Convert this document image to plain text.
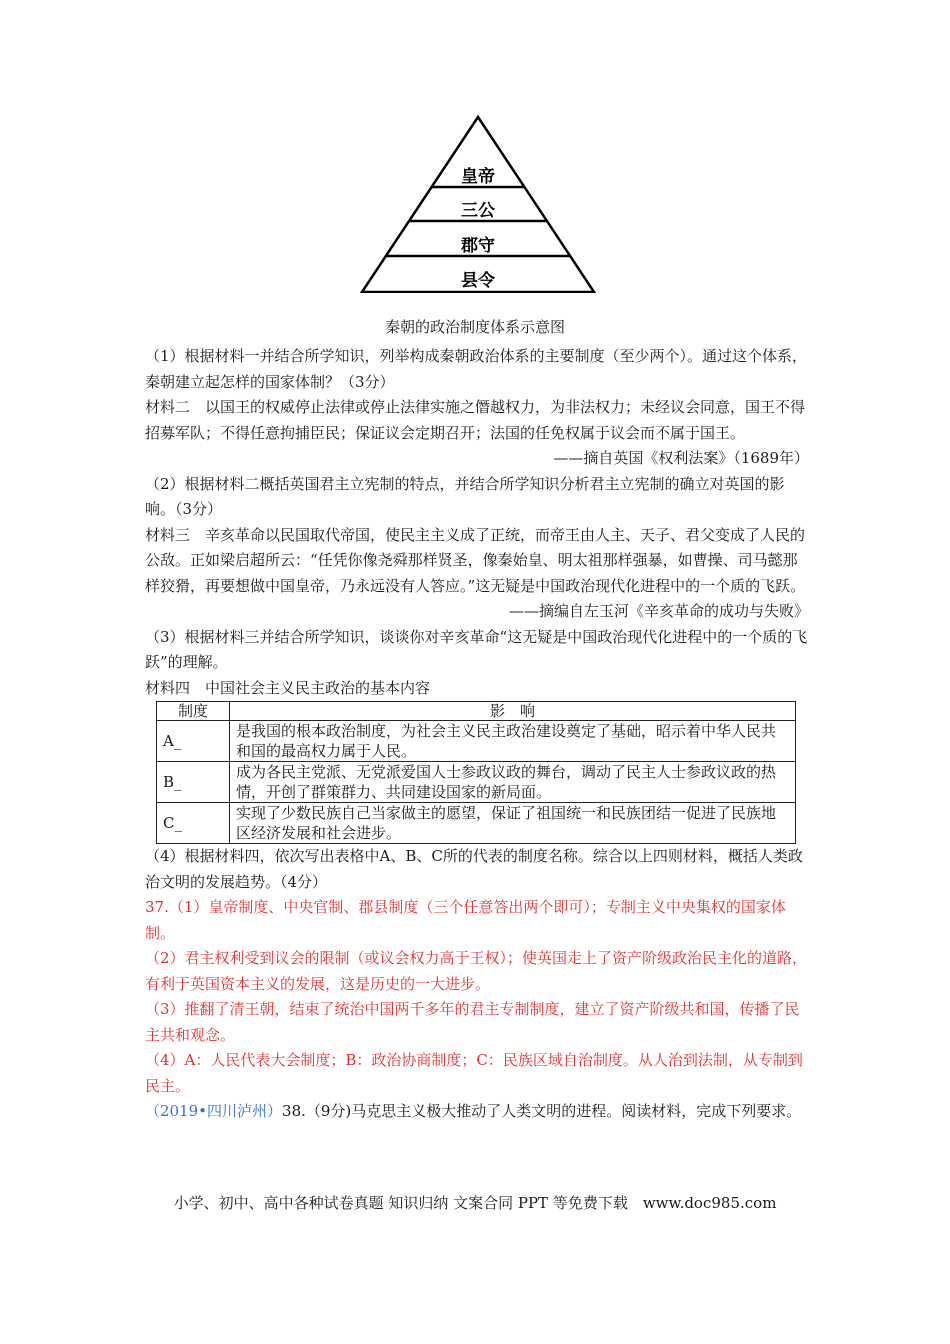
皇帝
三公
郡守
县令
秦朝的政治制度体系示意图

（1）根据材料一并结合所学知识，列举构成秦朝政治体系的主要制度（至少两个）。通过这个体系，秦朝建立起怎样的国家体制？（3分）

材料二　以国王的权威停止法律或停止法律实施之僭越权力，为非法权力；未经议会同意，国王不得招募军队；不得任意拘捕臣民；保证议会定期召开；法国的任免权属于议会而不属于国王。

——摘自英国《权利法案》（1689年）

（2）根据材料二概括英国君主立宪制的特点，并结合所学知识分析君主立宪制的确立对英国的影响。（3分）

材料三　辛亥革命以民国取代帝国，使民主主义成了正统，而帝王由人主、天子、君父变成了人民的公敌。正如梁启超所云：“任凭你像尧舜那样贤圣，像秦始皇、明太祖那样强暴，如曹操、司马懿那样狡猾，再要想做中国皇帝，乃永远没有人答应。”这无疑是中国政治现代化进程中的一个质的飞跃。

——摘编自左玉河《辛亥革命的成功与失败》

（3）根据材料三并结合所学知识，谈谈你对辛亥革命“这无疑是中国政治现代化进程中的一个质的飞跃”的理解。

材料四　中国社会主义民主政治的基本内容

制度	影　响
A_	是我国的根本政治制度，为社会主义民主政治建设奠定了基础，昭示着中华人民共和国的最高权力属于人民。
B_	成为各民主党派、无党派爱国人士参政议政的舞台，调动了民主人士参政议政的热情，开创了群策群力、共同建设国家的新局面。
C_	实现了少数民族自己当家做主的愿望，保证了祖国统一和民族团结一促进了民族地区经济发展和社会进步。

（4）根据材料四，依次写出表格中A、B、C所的代表的制度名称。综合以上四则材料，概括人类政治文明的发展趋势。（4分）

37.（1）皇帝制度、中央官制、郡县制度（三个任意答出两个即可）；专制主义中央集权的国家体制。

（2）君主权利受到议会的限制（或议会权力高于王权）；使英国走上了资产阶级政治民主化的道路，有利于英国资本主义的发展，这是历史的一大进步。

（3）推翻了清王朝，结束了统治中国两千多年的君主专制制度，建立了资产阶级共和国，传播了民主共和观念。

（4）A：人民代表大会制度；B：政治协商制度；C：民族区域自治制度。从人治到法制，从专制到民主。

（2019•四川泸州）38.（9分)马克思主义极大推动了人类文明的进程。阅读材料，完成下列要求。

小学、初中、高中各种试卷真题 知识归纳 文案合同 PPT 等免费下载　www.doc985.com
